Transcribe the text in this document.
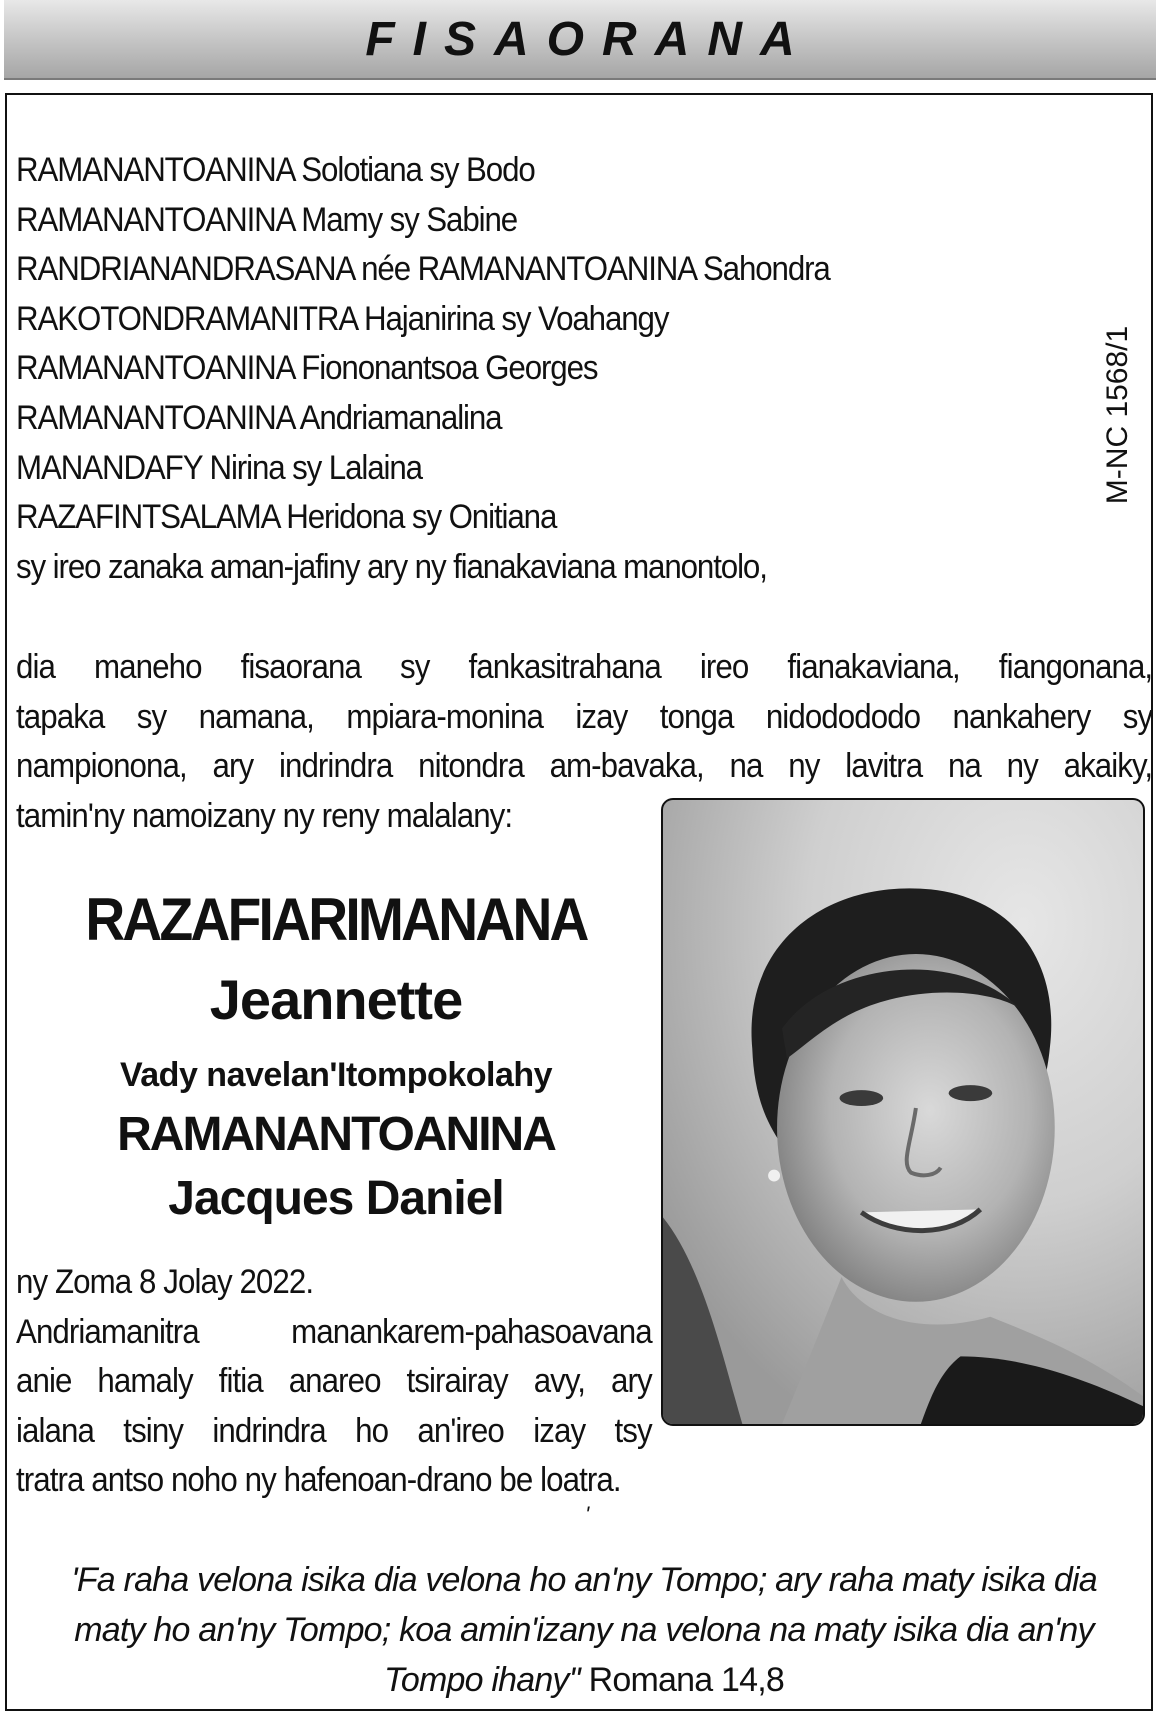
FISAORANA
M-NC 1568/1
RAMANANTOANINA Solotiana sy Bodo
RAMANANTOANINA Mamy sy Sabine
RANDRIANANDRASANA née RAMANANTOANINA Sahondra
RAKOTONDRAMANITRA Hajanirina sy Voahangy
RAMANANTOANINA Fiononantsoa Georges
RAMANANTOANINA Andriamanalina
MANANDAFY Nirina sy Lalaina
RAZAFINTSALAMA Heridona sy Onitiana
sy ireo zanaka aman-jafiny ary ny fianakaviana manontolo,

dia maneho fisaorana sy fankasitrahana ireo fianakaviana, fiangonana,
tapaka sy namana, mpiara-monina izay tonga nidodododo nankahery sy
nampionona, ary indrindra nitondra am-bavaka, na ny lavitra na ny akaiky,
tamin'ny namoizany ny reny malalany:

RAZAFIARIMANANA
Jeannette
Vady navelan'Itompokolahy
RAMANANTOANINA
Jacques Daniel

ny Zoma 8 Jolay 2022.
Andriamanitra manankarem-pahasoavana
anie hamaly fitia anareo tsirairay avy, ary
ialana tsiny indrindra ho an'ireo izay tsy
tratra antso noho ny hafenoan-drano be loatra.

'

'Fa raha velona isika dia velona ho an'ny Tompo; ary raha maty isika dia
maty ho an'ny Tompo; koa amin'izany na velona na maty isika dia an'ny
Tompo ihany'' Romana 14,8
